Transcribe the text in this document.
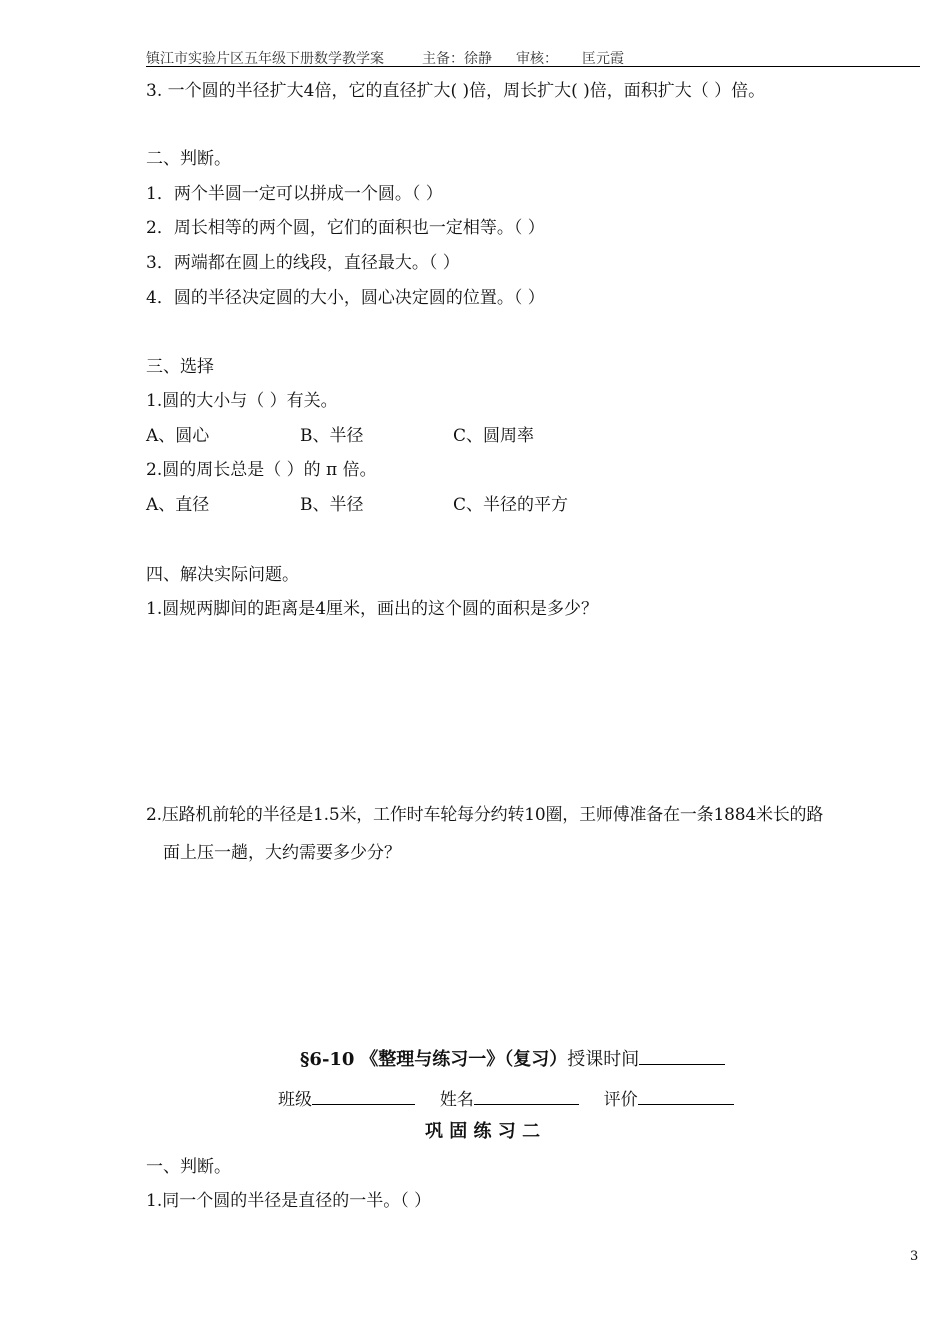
镇江市实验片区五年级下册数学教学案	主备：徐静 审核： 匡元霞
3. 一个圆的半径扩大4倍，它的直径扩大( )倍，周长扩大( )倍，面积扩大（ ）倍。
二、判断。
1．两个半圆一定可以拼成一个圆。（ ）
2．周长相等的两个圆，它们的面积也一定相等。（ ）
3．两端都在圆上的线段，直径最大。（ ）
4．圆的半径决定圆的大小，圆心决定圆的位置。（ ）
三、选择
1.圆的大小与（ ）有关。
A、圆心	B、半径	C、圆周率
2.圆的周长总是（ ）的 π 倍。
A、直径	B、半径	C、半径的平方
四、解决实际问题。
1.圆规两脚间的距离是4厘米，画出的这个圆的面积是多少？
2.压路机前轮的半径是1.5米，工作时车轮每分约转10圈，王师傅准备在一条1884米长的路
面上压一趟，大约需要多少分？
§6-10 《整理与练习一》（复习）授课时间
班级	姓名	评价
巩 固 练 习 二
一、判断。
1.同一个圆的半径是直径的一半。（ ）
3
